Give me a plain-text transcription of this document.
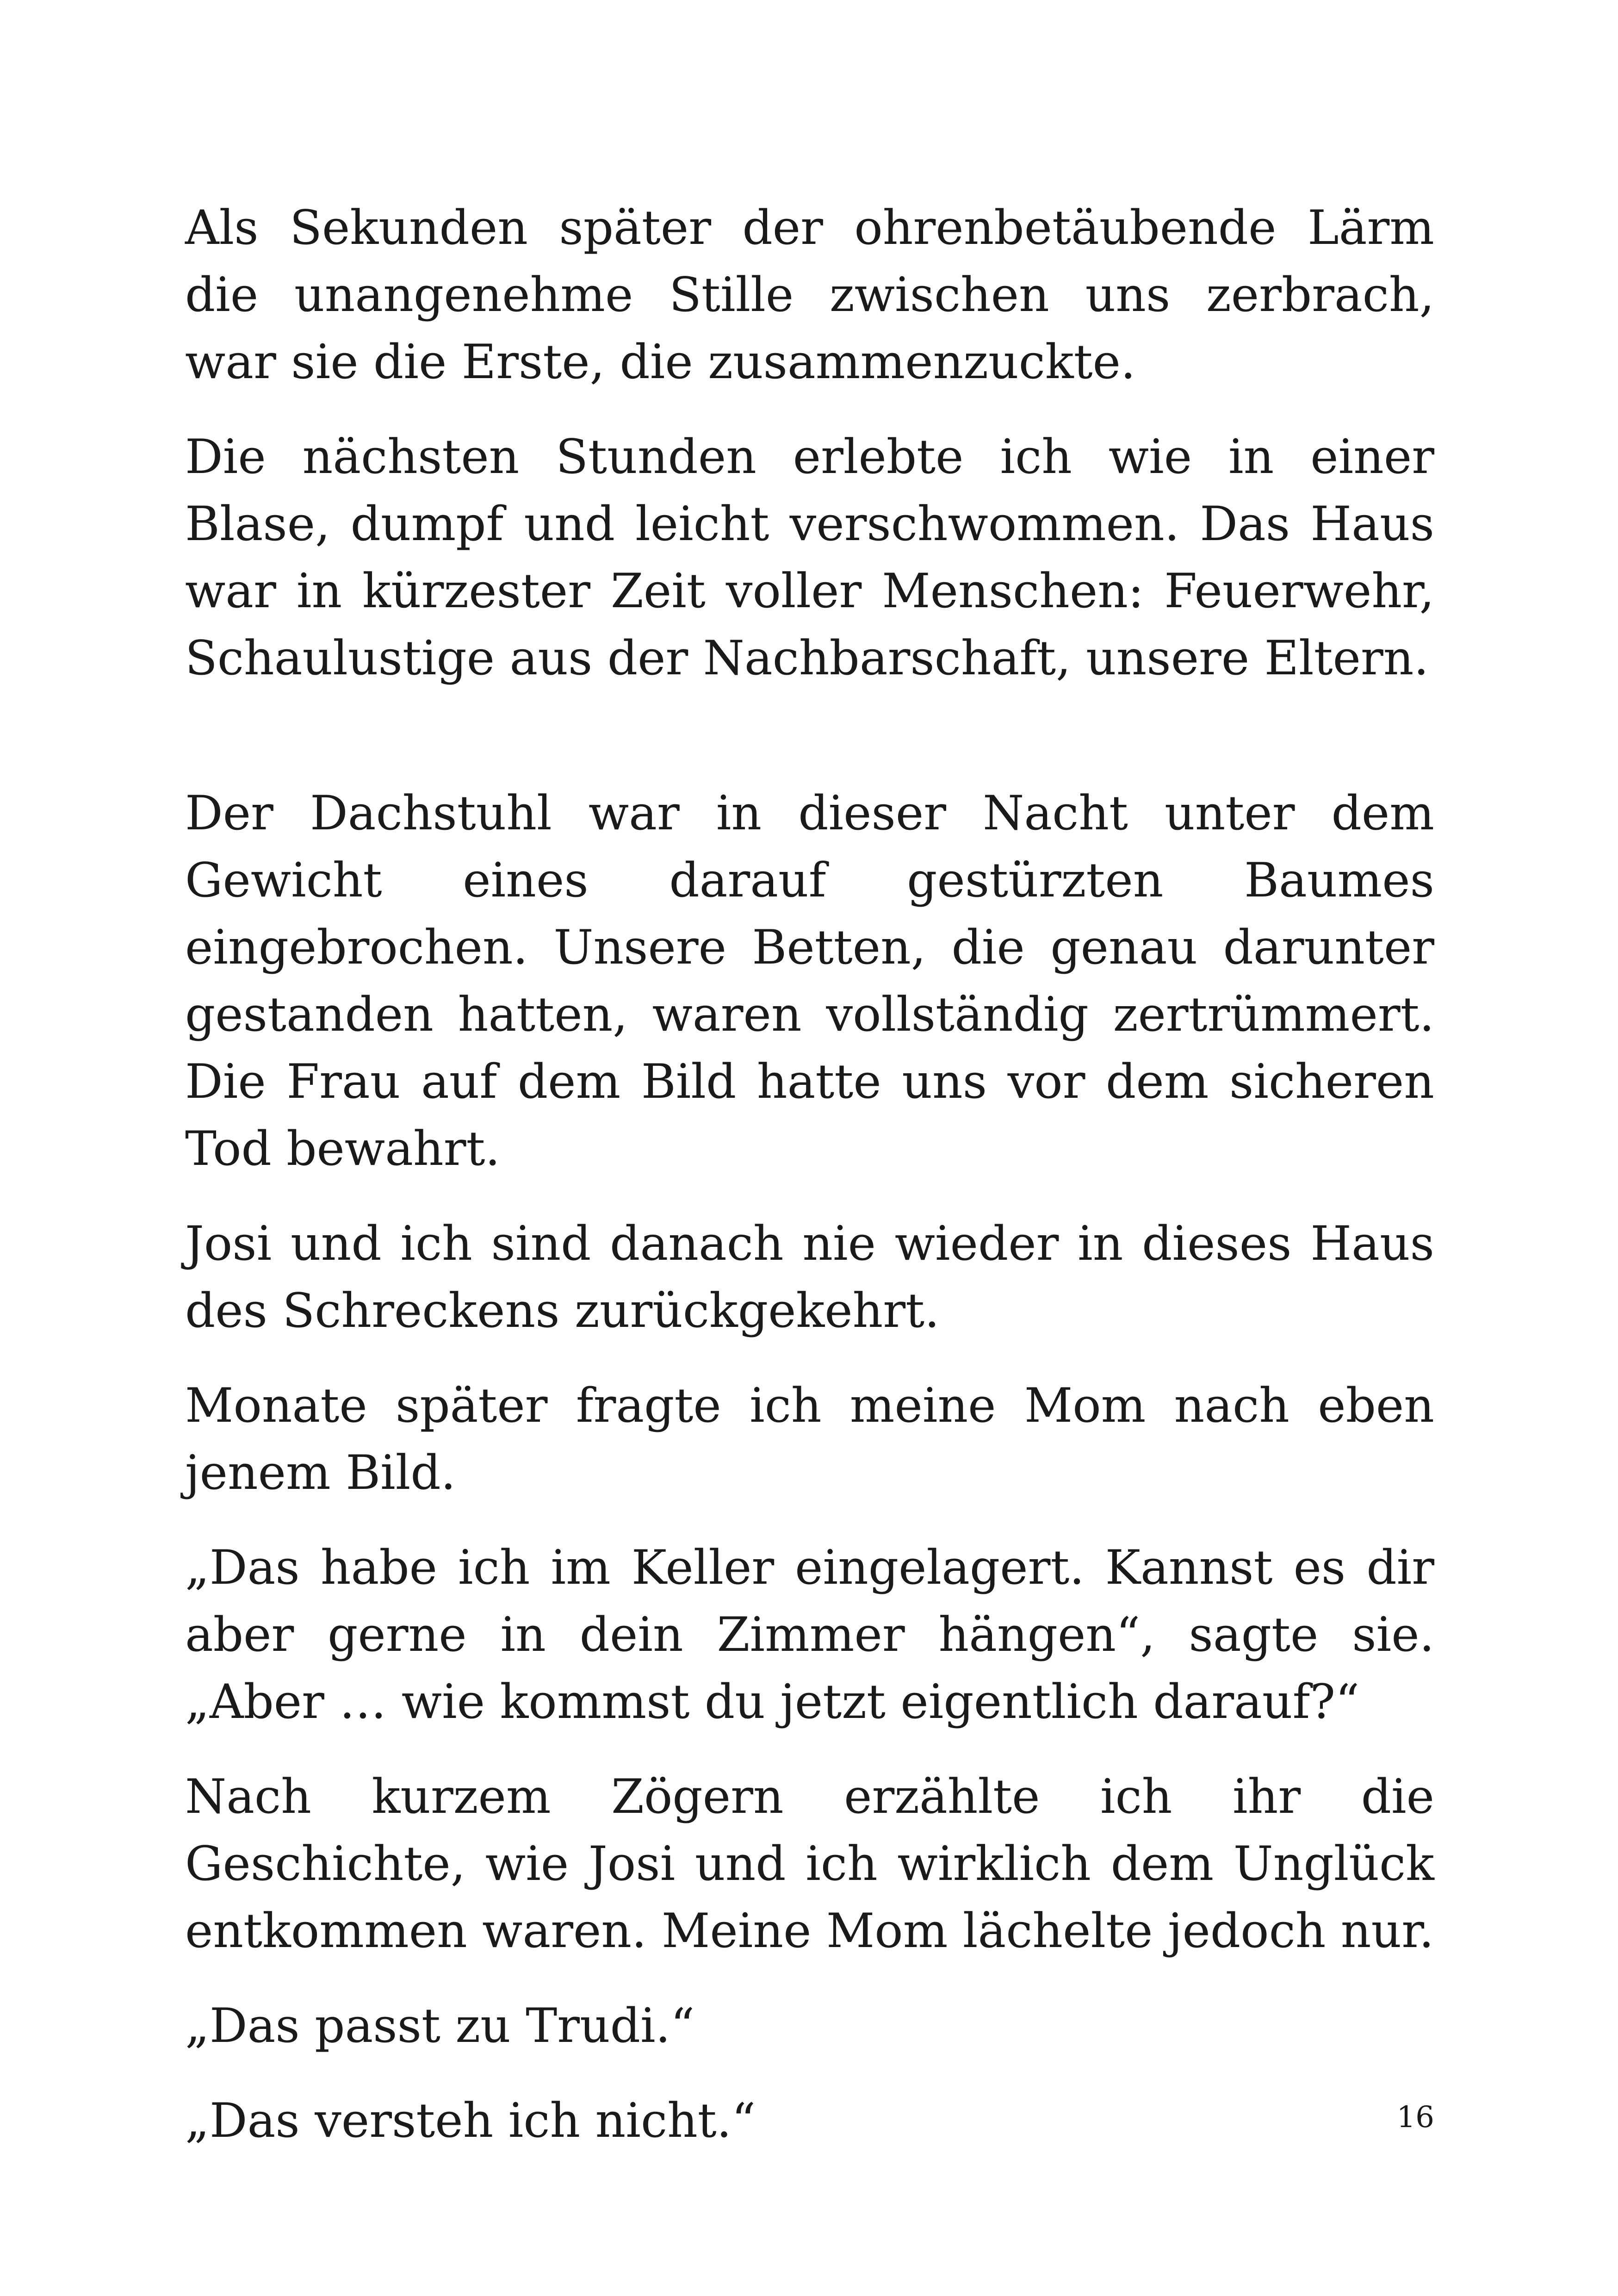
Als Sekunden später der ohrenbetäubende Lärm die unangenehme Stille zwischen uns zerbrach, war sie die Erste, die zusammenzuckte.

Die nächsten Stunden erlebte ich wie in einer Blase, dumpf und leicht verschwommen. Das Haus war in kürzester Zeit voller Menschen: Feuerwehr, Schaulustige aus der Nachbarschaft, unsere Eltern.

Der Dachstuhl war in dieser Nacht unter dem Gewicht eines darauf gestürzten Baumes eingebrochen. Unsere Betten, die genau darunter gestanden hatten, waren vollständig zertrümmert. Die Frau auf dem Bild hatte uns vor dem sicheren Tod bewahrt.

Josi und ich sind danach nie wieder in dieses Haus des Schreckens zurückgekehrt.

Monate später fragte ich meine Mom nach eben jenem Bild.

„Das habe ich im Keller eingelagert. Kannst es dir aber gerne in dein Zimmer hängen“, sagte sie. „Aber … wie kommst du jetzt eigentlich darauf?“

Nach kurzem Zögern erzählte ich ihr die Geschichte, wie Josi und ich wirklich dem Unglück entkommen waren. Meine Mom lächelte jedoch nur.

„Das passt zu Trudi.“

„Das versteh ich nicht.“	16
